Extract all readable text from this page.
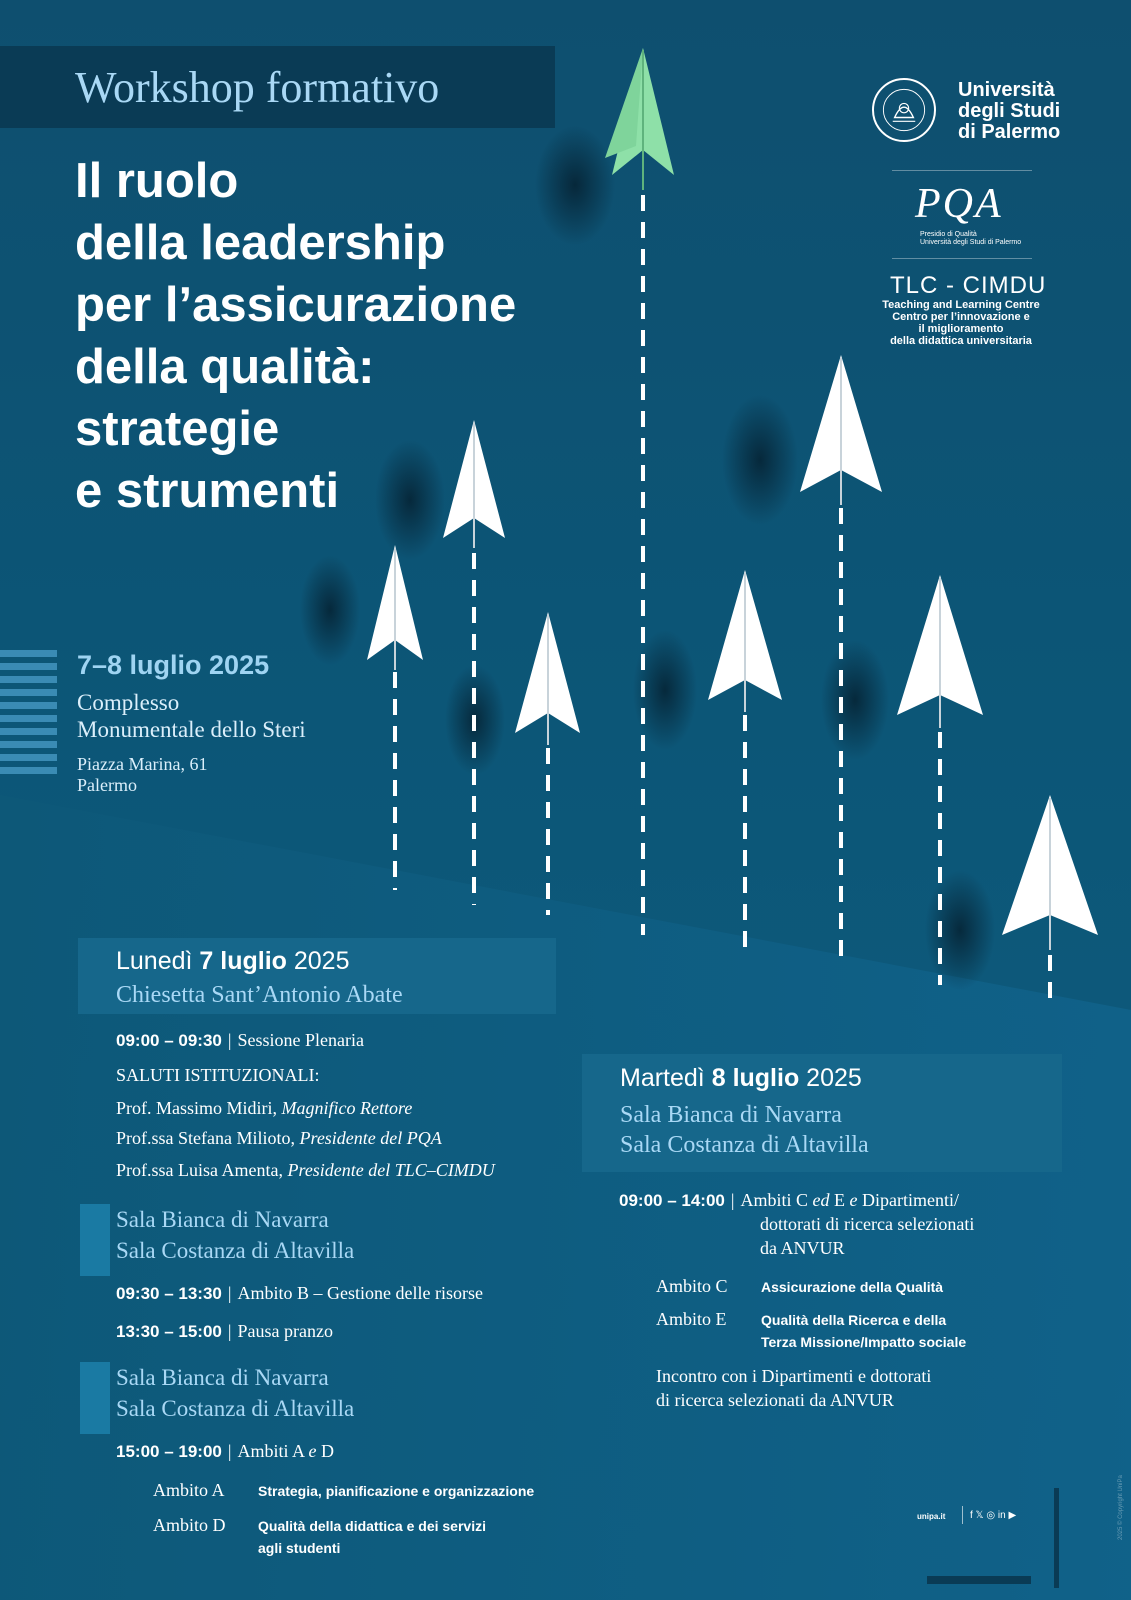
Workshop formativo
Il ruolo
della leadership
per l’assicurazione
della qualità:
strategie
e strumenti
Università
degli Studi
di Palermo
PQA
Presidio di Qualità
Università degli Studi di Palermo
TLC - CIMDU
Teaching and Learning Centre
Centro per l’innovazione e
il miglioramento
della didattica universitaria
7–8 luglio 2025
Complesso
Monumentale dello Steri
Piazza Marina, 61
Palermo
Lunedì 7 luglio 2025
Chiesetta Sant’Antonio Abate
09:00 – 09:30 | Sessione Plenaria
SALUTI ISTITUZIONALI:
Prof. Massimo Midiri, Magnifico Rettore
Prof.ssa Stefana Milioto, Presidente del PQA
Prof.ssa Luisa Amenta, Presidente del TLC–CIMDU
Sala Bianca di Navarra
Sala Costanza di Altavilla
09:30 – 13:30 | Ambito B – Gestione delle risorse
13:30 – 15:00 | Pausa pranzo
Sala Bianca di Navarra
Sala Costanza di Altavilla
15:00 – 19:00 | Ambiti A e D
Ambito A Strategia, pianificazione e organizzazione
Ambito D Qualità della didattica e dei servizi
agli studenti
Martedì 8 luglio 2025
Sala Bianca di Navarra
Sala Costanza di Altavilla
09:00 – 14:00 | Ambiti C ed E e Dipartimenti/
dottorati di ricerca selezionati
da ANVUR
Ambito C Assicurazione della Qualità
Ambito E Qualità della Ricerca e della
Terza Missione/Impatto sociale
Incontro con i Dipartimenti e dottorati
di ricerca selezionati da ANVUR
unipa.it f 𝕏 ◎ in ▶	2025 © Copyright UniPa
